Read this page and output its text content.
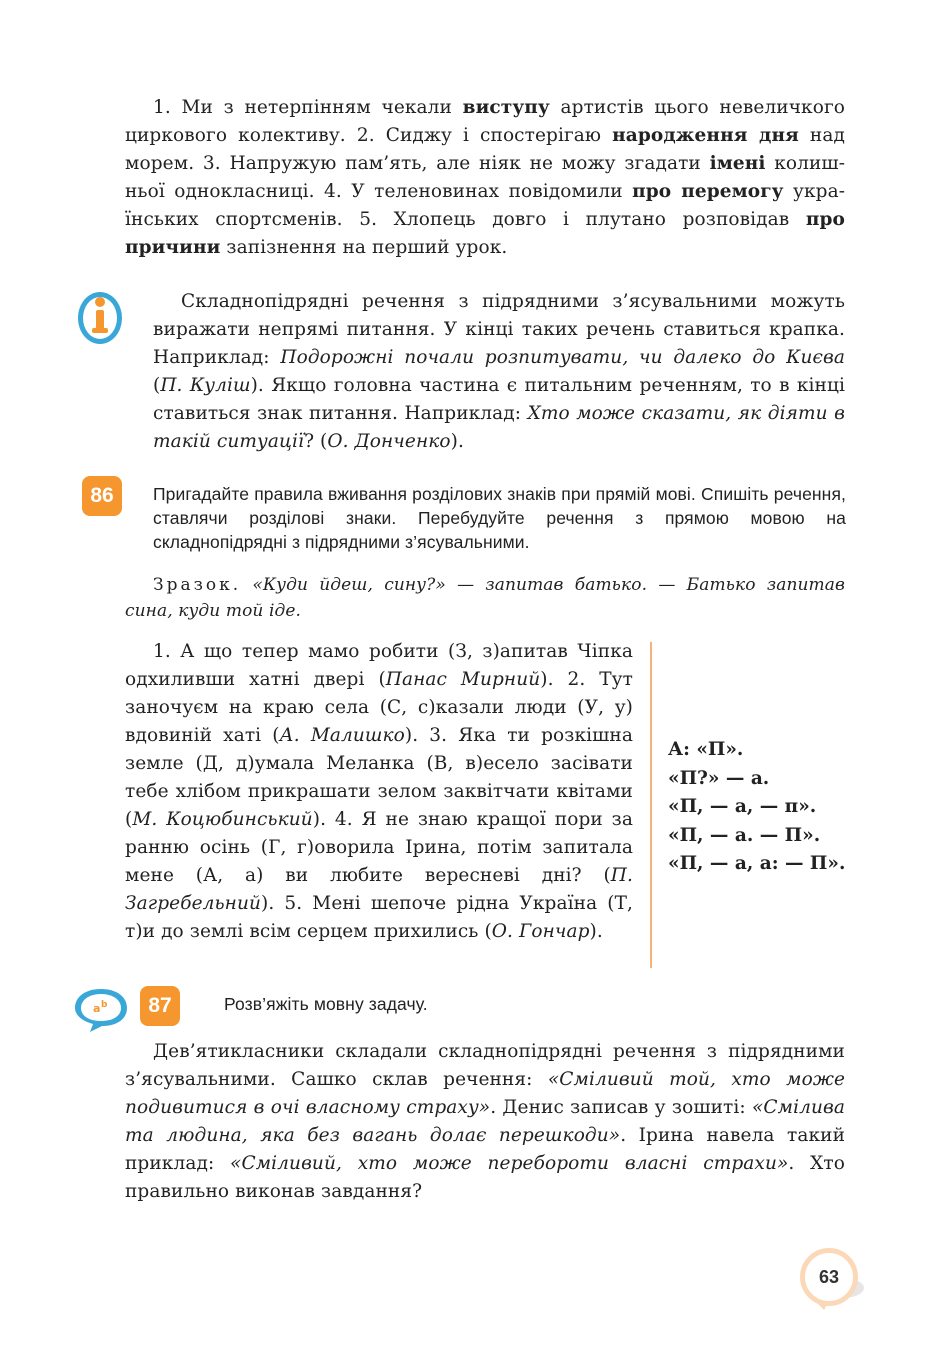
1. Ми з нетерпінням чекали виступу артистів цього невеличкого циркового колективу. 2. Сиджу і спостерігаю народження дня над морем. 3. Напружую пам’ять, але ніяк не можу згадати імені колишньої однокласниці. 4. У теленовинах повідомили про перемогу українських спортсменів. 5. Хлопець довго і плутано розповідав про причини запізнення на перший урок.

Складнопідрядні речення з підрядними з’ясувальними можуть виражати непрямі питання. У кінці таких речень ставиться крапка. Наприклад: Подорожні почали розпитувати, чи далеко до Києва (П. Куліш). Якщо головна частина є питальним реченням, то в кінці ставиться знак питання. Наприклад: Хто може сказати, як діяти в такій ситуації? (О. Донченко).

86	Пригадайте правила вживання розділових знаків при прямій мові. Спишіть речення, ставлячи розділові знаки. Перебудуйте речення з прямою мовою на складнопідрядні з підрядними з’ясувальними.

Зразок. «Куди йдеш, сину?» — запитав батько. — Батько запитав сина, куди той іде.

1. А що тепер мамо робити (З, з)апитав Чіпка одхиливши хатні двері (Панас Мирний). 2. Тут заночуєм на краю села (С, с)казали люди (У, у) вдовиній хаті (А. Малишко). 3. Яка ти розкішна земле (Д, д)умала Меланка (В, в)есело засівати тебе хлібом прикрашати зелом заквітчати квітами (М. Коцюбинський). 4. Я не знаю кращої пори за ранню осінь (Г, г)оворила Ірина, потім запитала мене (А, а) ви любите вересневі дні? (П. Загребельний). 5. Мені шепоче рідна Україна (Т, т)и до землі всім серцем прихились (О. Гончар).

А: «П».
«П?» — а.
«П, — а, — п».
«П, — а. — П».
«П, — а, а: — П».
a b	87	Розв’яжіть мовну задачу.

Дев’ятикласники складали складнопідрядні речення з підрядними з’ясувальними. Сашко склав речення: «Сміливий той, хто може подивитися в очі власному страху». Денис записав у зошиті: «Смілива та людина, яка без вагань долає перешкоди». Ірина навела такий приклад: «Сміливий, хто може перебороти власні страхи». Хто правильно виконав завдання?

63
